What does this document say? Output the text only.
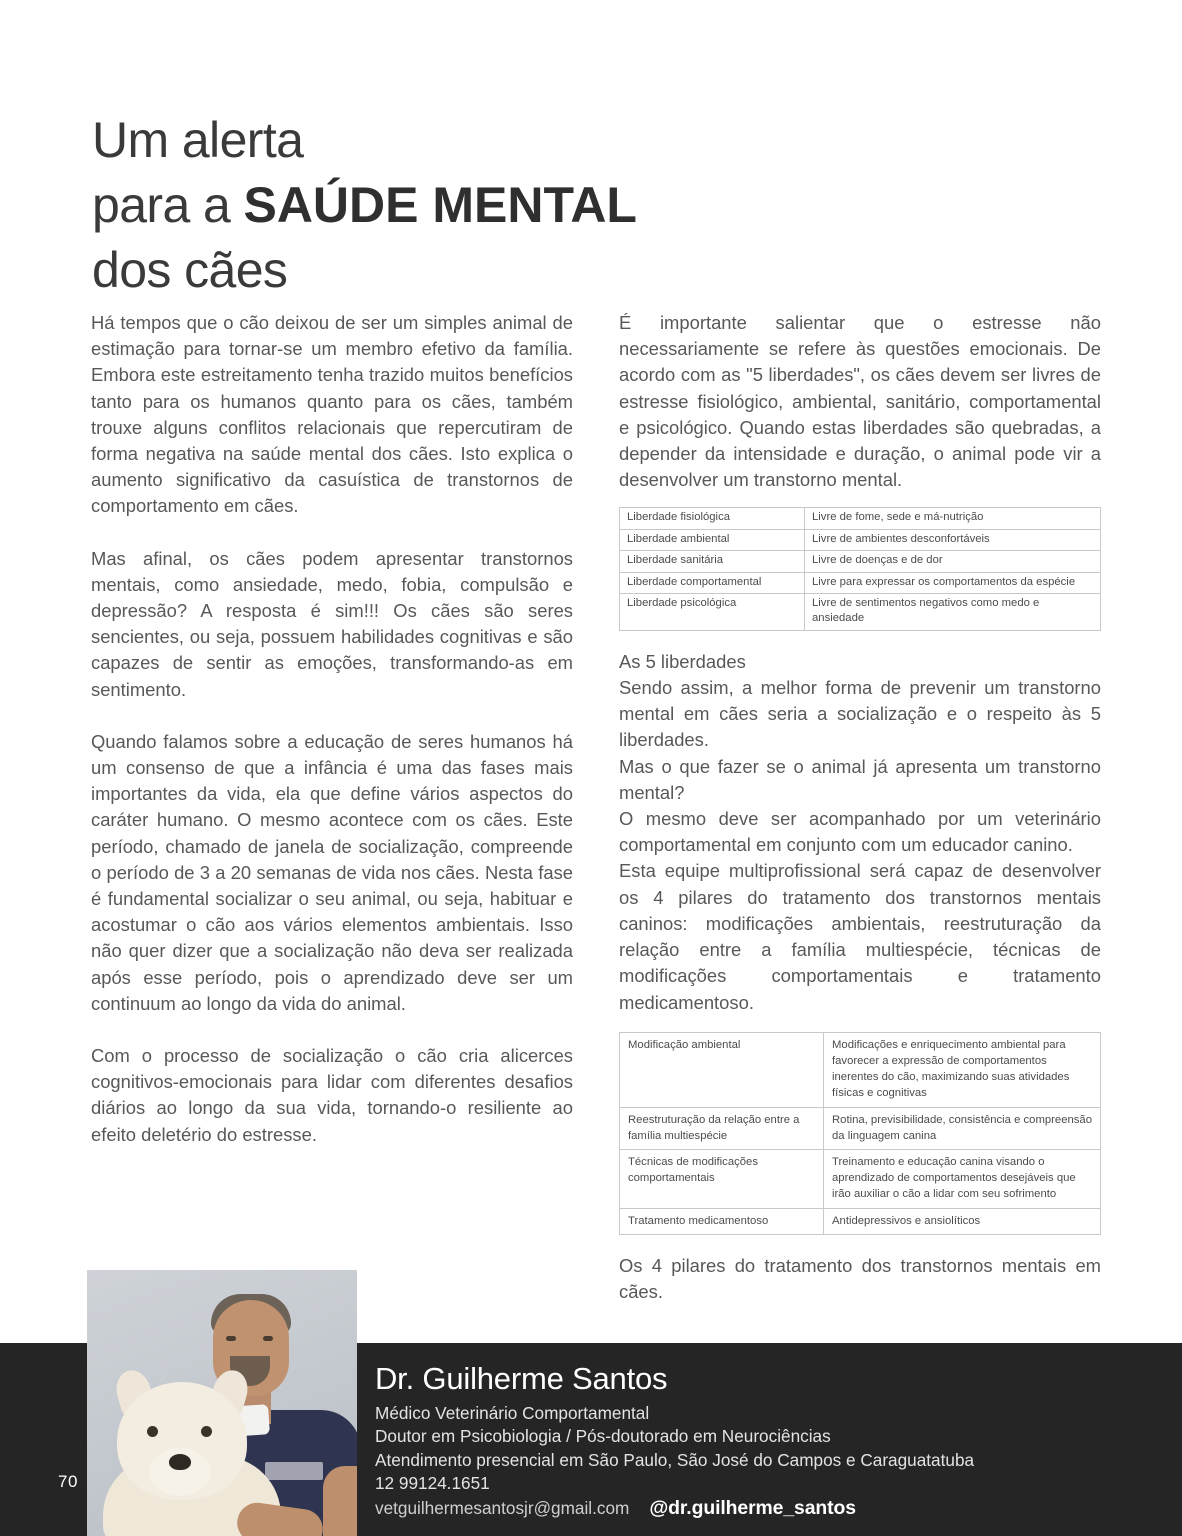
Um alerta
para a SAÚDE MENTAL
dos cães

Há tempos que o cão deixou de ser um simples animal de estimação para tornar-se um membro efetivo da família. Embora este estreitamento tenha trazido muitos benefícios tanto para os humanos quanto para os cães, também trouxe alguns conflitos relacionais que repercutiram de forma negativa na saúde mental dos cães. Isto explica o aumento significativo da casuística de transtornos de comportamento em cães.

Mas afinal, os cães podem apresentar transtornos mentais, como ansiedade, medo, fobia, compulsão e depressão? A resposta é sim!!! Os cães são seres sencientes, ou seja, possuem habilidades cognitivas e são capazes de sentir as emoções, transformando-as em sentimento.

Quando falamos sobre a educação de seres humanos há um consenso de que a infância é uma das fases mais importantes da vida, ela que define vários aspectos do caráter humano. O mesmo acontece com os cães. Este período, chamado de janela de socialização, compreende o período de 3 a 20 semanas de vida nos cães. Nesta fase é fundamental socializar o seu animal, ou seja, habituar e acostumar o cão aos vários elementos ambientais. Isso não quer dizer que a socialização não deva ser realizada após esse período, pois o aprendizado deve ser um continuum ao longo da vida do animal.

Com o processo de socialização o cão cria alicerces cognitivos-emocionais para lidar com diferentes desafios diários ao longo da sua vida, tornando-o resiliente ao efeito deletério do estresse.

É importante salientar que o estresse não necessariamente se refere às questões emocionais. De acordo com as "5 liberdades", os cães devem ser livres de estresse fisiológico, ambiental, sanitário, comportamental e psicológico. Quando estas liberdades são quebradas, a depender da intensidade e duração, o animal pode vir a desenvolver um transtorno mental.

Liberdade fisiológica	Livre de fome, sede e má-nutrição
Liberdade ambiental	Livre de ambientes desconfortáveis
Liberdade sanitária	Livre de doenças e de dor
Liberdade comportamental	Livre para expressar os comportamentos da espécie
Liberdade psicológica	Livre de sentimentos negativos como medo e ansiedade

As 5 liberdades

Sendo assim, a melhor forma de prevenir um transtorno mental em cães seria a socialização e o respeito às 5 liberdades.

Mas o que fazer se o animal já apresenta um transtorno mental?

O mesmo deve ser acompanhado por um veterinário comportamental em conjunto com um educador canino.

Esta equipe multiprofissional será capaz de desenvolver os 4 pilares do tratamento dos transtornos mentais caninos: modificações ambientais, reestruturação da relação entre a família multiespécie, técnicas de modificações comportamentais e tratamento medicamentoso.

Modificação ambiental	Modificações e enriquecimento ambiental para favorecer a expressão de comportamentos inerentes do cão, maximizando suas atividades físicas e cognitivas
Reestruturação da relação entre a família multiespécie	Rotina, previsibilidade, consistência e compreensão da linguagem canina
Técnicas de modificações comportamentais	Treinamento e educação canina visando o aprendizado de comportamentos desejáveis que irão auxiliar o cão a lidar com seu sofrimento
Tratamento medicamentoso	Antidepressivos e ansiolíticos

Os 4 pilares do tratamento dos transtornos mentais em cães.

70
Dr. Guilherme Santos

Médico Veterinário Comportamental

Doutor em Psicobiologia / Pós-doutorado em Neurociências

Atendimento presencial em São Paulo, São José do Campos e Caraguatatuba

12 99124.1651

vetguilhermesantosjr@gmail.com @dr.guilherme_santos
